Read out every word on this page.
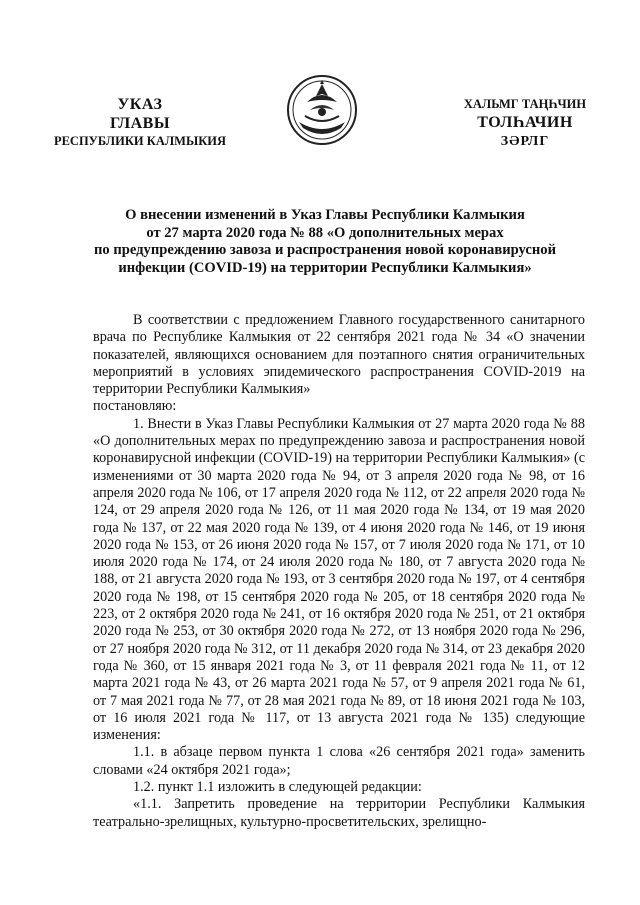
УКАЗ
ГЛАВЫ
РЕСПУБЛИКИ КАЛМЫКИЯ
ХАЛЬМГ ТАҢҺЧИН
ТОЛҺАЧИН
ЗӘРЛГ
О внесении изменений в Указ Главы Республики Калмыкия
от 27 марта 2020 года № 88 «О дополнительных мерах
по предупреждению завоза и распространения новой коронавирусной
инфекции (COVID-19) на территории Республики Калмыкия»

В соответствии с предложением Главного государственного санитарного врача по Республике Калмыкия от 22 сентября 2021 года № 34 «О значении показателей, являющихся основанием для поэтапного снятия ограничительных мероприятий в условиях эпидемического распространения COVID-2019 на территории Республики Калмыкия»

постановляю:

1. Внести в Указ Главы Республики Калмыкия от 27 марта 2020 года № 88 «О дополнительных мерах по предупреждению завоза и распространения новой коронавирусной инфекции (COVID-19) на территории Республики Калмыкия» (с изменениями от 30 марта 2020 года № 94, от 3 апреля 2020 года № 98, от 16 апреля 2020 года № 106, от 17 апреля 2020 года № 112, от 22 апреля 2020 года № 124, от 29 апреля 2020 года № 126, от 11 мая 2020 года № 134, от 19 мая 2020 года № 137, от 22 мая 2020 года № 139, от 4 июня 2020 года № 146, от 19 июня 2020 года № 153, от 26 июня 2020 года № 157, от 7 июля 2020 года № 171, от 10 июля 2020 года № 174, от 24 июля 2020 года № 180, от 7 августа 2020 года № 188, от 21 августа 2020 года № 193, от 3 сентября 2020 года № 197, от 4 сентября 2020 года № 198, от 15 сентября 2020 года № 205, от 18 сентября 2020 года № 223, от 2 октября 2020 года № 241, от 16 октября 2020 года № 251, от 21 октября 2020 года № 253, от 30 октября 2020 года № 272, от 13 ноября 2020 года № 296, от 27 ноября 2020 года № 312, от 11 декабря 2020 года № 314, от 23 декабря 2020 года № 360, от 15 января 2021 года № 3, от 11 февраля 2021 года № 11, от 12 марта 2021 года № 43, от 26 марта 2021 года № 57, от 9 апреля 2021 года № 61, от 7 мая 2021 года № 77, от 28 мая 2021 года № 89, от 18 июня 2021 года № 103, от 16 июля 2021 года № 117, от 13 августа 2021 года № 135) следующие изменения:

1.1. в абзаце первом пункта 1 слова «26 сентября 2021 года» заменить словами «24 октября 2021 года»;

1.2. пункт 1.1 изложить в следующей редакции:

«1.1. Запретить проведение на территории Республики Калмыкия театрально-зрелищных, культурно-просветительских, зрелищно-
